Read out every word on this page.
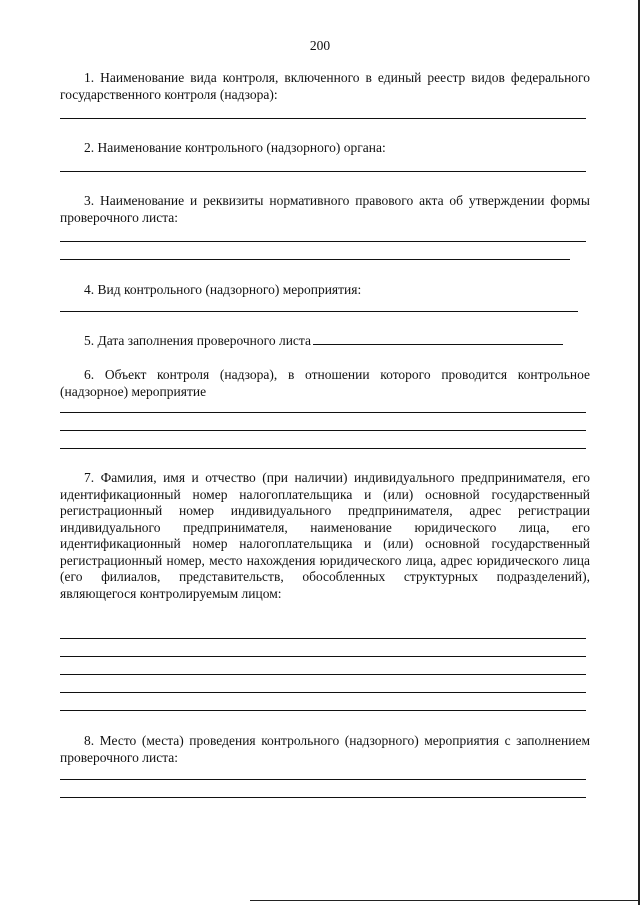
200
1. Наименование вида контроля, включенного в единый реестр видов федерального государственного контроля (надзора):
2. Наименование контрольного (надзорного) органа:
3. Наименование и реквизиты нормативного правового акта об утверждении формы проверочного листа:
4. Вид контрольного (надзорного) мероприятия:
5. Дата заполнения проверочного листа
6. Объект контроля (надзора), в отношении которого проводится контрольное (надзорное) мероприятие
7. Фамилия, имя и отчество (при наличии) индивидуального предпринимателя, его идентификационный номер налогоплательщика и (или) основной государственный регистрационный номер индивидуального предпринимателя, адрес регистрации индивидуального предпринимателя, наименование юридического лица, его идентификационный номер налогоплательщика и (или) основной государственный регистрационный номер, место нахождения юридического лица, адрес юридического лица (его филиалов, представительств, обособленных структурных подразделений), являющегося контролируемым лицом:
8. Место (места) проведения контрольного (надзорного) мероприятия с заполнением проверочного листа:
